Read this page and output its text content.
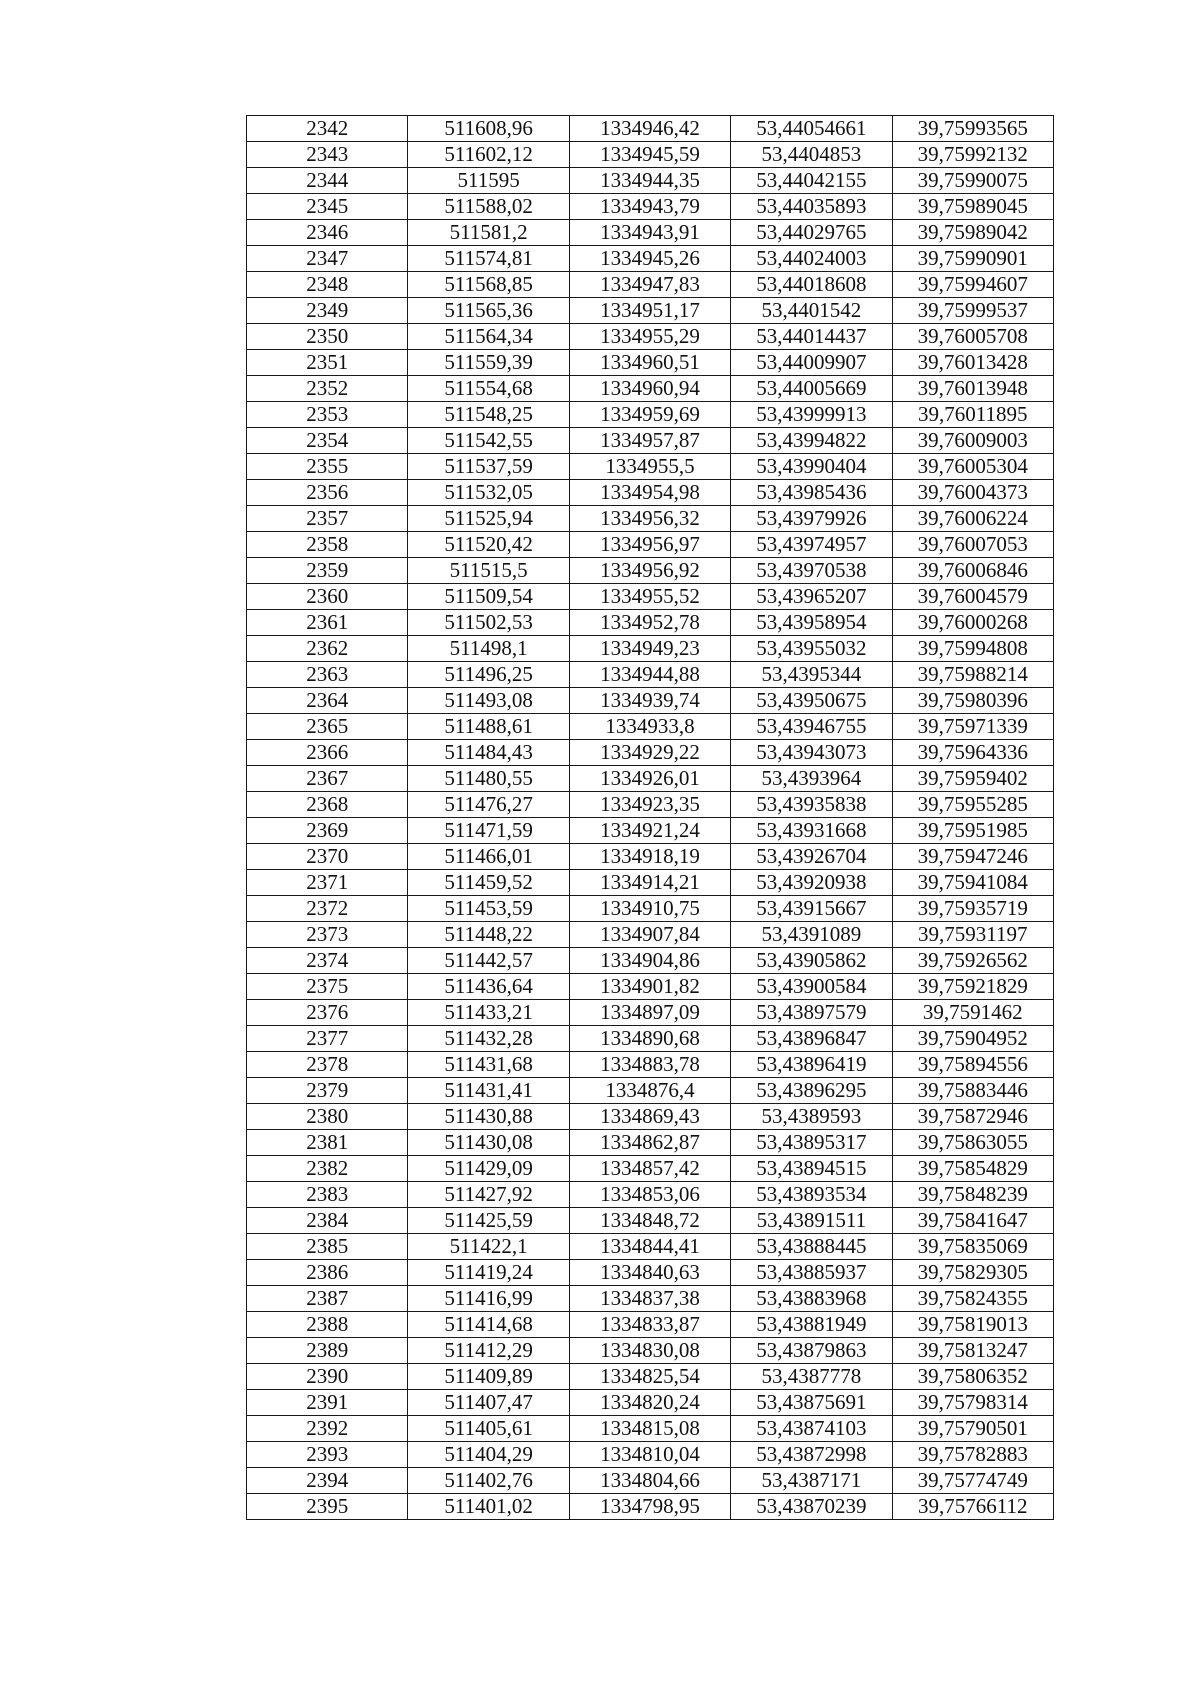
2342	511608,96	1334946,42	53,44054661	39,75993565
2343	511602,12	1334945,59	53,4404853	39,75992132
2344	511595	1334944,35	53,44042155	39,75990075
2345	511588,02	1334943,79	53,44035893	39,75989045
2346	511581,2	1334943,91	53,44029765	39,75989042
2347	511574,81	1334945,26	53,44024003	39,75990901
2348	511568,85	1334947,83	53,44018608	39,75994607
2349	511565,36	1334951,17	53,4401542	39,75999537
2350	511564,34	1334955,29	53,44014437	39,76005708
2351	511559,39	1334960,51	53,44009907	39,76013428
2352	511554,68	1334960,94	53,44005669	39,76013948
2353	511548,25	1334959,69	53,43999913	39,76011895
2354	511542,55	1334957,87	53,43994822	39,76009003
2355	511537,59	1334955,5	53,43990404	39,76005304
2356	511532,05	1334954,98	53,43985436	39,76004373
2357	511525,94	1334956,32	53,43979926	39,76006224
2358	511520,42	1334956,97	53,43974957	39,76007053
2359	511515,5	1334956,92	53,43970538	39,76006846
2360	511509,54	1334955,52	53,43965207	39,76004579
2361	511502,53	1334952,78	53,43958954	39,76000268
2362	511498,1	1334949,23	53,43955032	39,75994808
2363	511496,25	1334944,88	53,4395344	39,75988214
2364	511493,08	1334939,74	53,43950675	39,75980396
2365	511488,61	1334933,8	53,43946755	39,75971339
2366	511484,43	1334929,22	53,43943073	39,75964336
2367	511480,55	1334926,01	53,4393964	39,75959402
2368	511476,27	1334923,35	53,43935838	39,75955285
2369	511471,59	1334921,24	53,43931668	39,75951985
2370	511466,01	1334918,19	53,43926704	39,75947246
2371	511459,52	1334914,21	53,43920938	39,75941084
2372	511453,59	1334910,75	53,43915667	39,75935719
2373	511448,22	1334907,84	53,4391089	39,75931197
2374	511442,57	1334904,86	53,43905862	39,75926562
2375	511436,64	1334901,82	53,43900584	39,75921829
2376	511433,21	1334897,09	53,43897579	39,7591462
2377	511432,28	1334890,68	53,43896847	39,75904952
2378	511431,68	1334883,78	53,43896419	39,75894556
2379	511431,41	1334876,4	53,43896295	39,75883446
2380	511430,88	1334869,43	53,4389593	39,75872946
2381	511430,08	1334862,87	53,43895317	39,75863055
2382	511429,09	1334857,42	53,43894515	39,75854829
2383	511427,92	1334853,06	53,43893534	39,75848239
2384	511425,59	1334848,72	53,43891511	39,75841647
2385	511422,1	1334844,41	53,43888445	39,75835069
2386	511419,24	1334840,63	53,43885937	39,75829305
2387	511416,99	1334837,38	53,43883968	39,75824355
2388	511414,68	1334833,87	53,43881949	39,75819013
2389	511412,29	1334830,08	53,43879863	39,75813247
2390	511409,89	1334825,54	53,4387778	39,75806352
2391	511407,47	1334820,24	53,43875691	39,75798314
2392	511405,61	1334815,08	53,43874103	39,75790501
2393	511404,29	1334810,04	53,43872998	39,75782883
2394	511402,76	1334804,66	53,4387171	39,75774749
2395	511401,02	1334798,95	53,43870239	39,75766112
